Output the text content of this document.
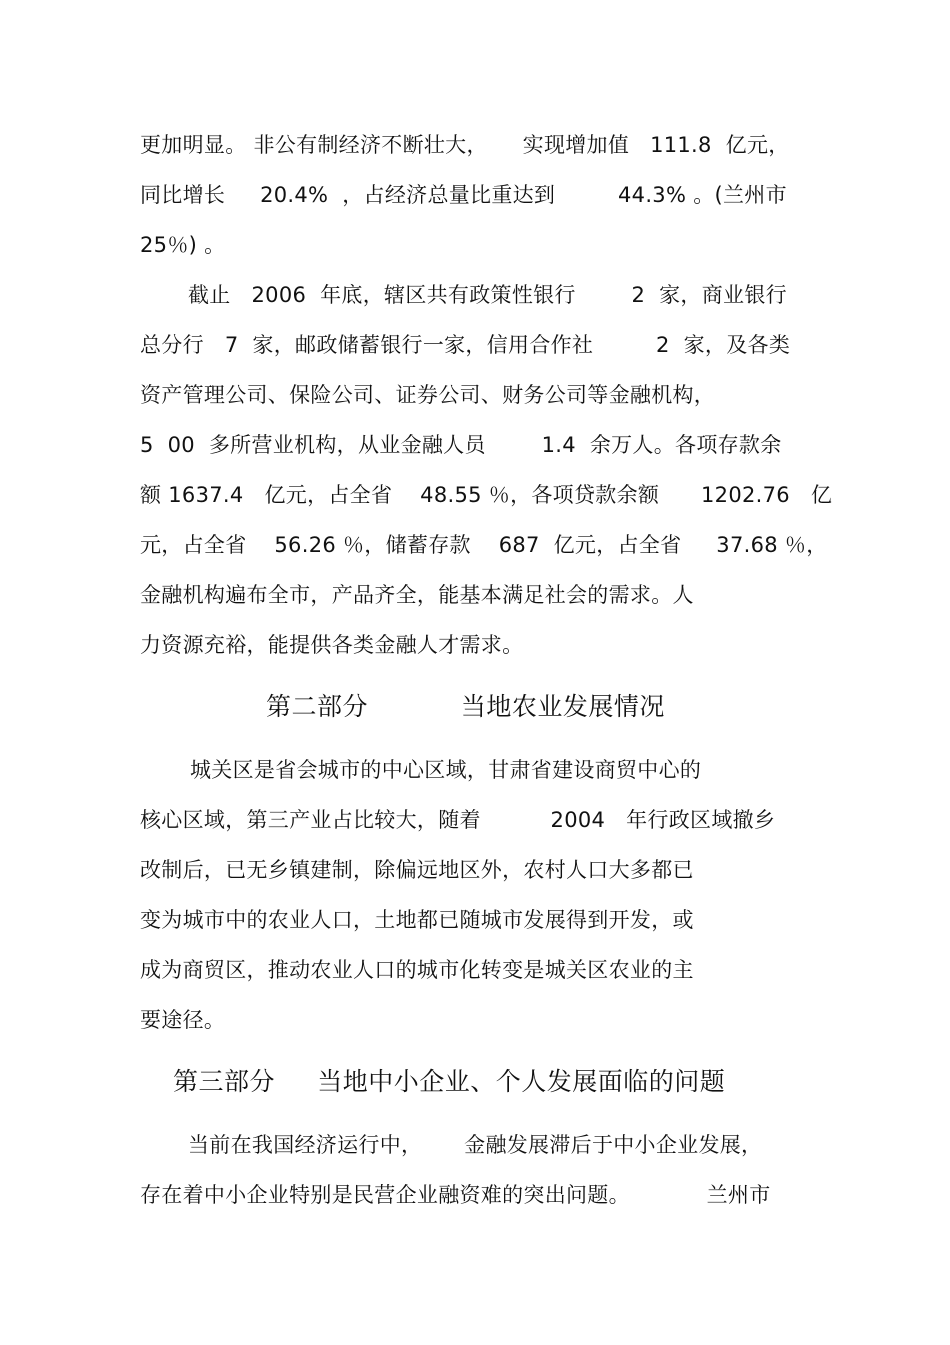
更加明显。 非公有制经济不断壮大，     实现增加值   111.8  亿元，
同比增长     20.4%  ，占经济总量比重达到         44.3% 。(兰州市
25％) 。
截止   2006  年底，辖区共有政策性银行        2  家，商业银行
总分行   7  家，邮政储蓄银行一家，信用合作社         2  家，及各类
资产管理公司、保险公司、证券公司、财务公司等金融机构，
5  00  多所营业机构，从业金融人员        1.4  余万人。各项存款余
额 1637.4   亿元，占全省    48.55 ％，各项贷款余额      1202.76   亿
元，占全省    56.26 ％，储蓄存款    687  亿元，占全省     37.68 ％，
金融机构遍布全市，产品齐全，能基本满足社会的需求。人
力资源充裕，能提供各类金融人才需求。
第二部分           当地农业发展情况
城关区是省会城市的中心区域，甘肃省建设商贸中心的
核心区域，第三产业占比较大，随着          2004   年行政区域撤乡
改制后，已无乡镇建制，除偏远地区外，农村人口大多都已
变为城市中的农业人口，土地都已随城市发展得到开发，或
成为商贸区，推动农业人口的城市化转变是城关区农业的主
要途径。
第三部分     当地中小企业、个人发展面临的问题
当前在我国经济运行中，      金融发展滞后于中小企业发展，
存在着中小企业特别是民营企业融资难的突出问题。           兰州市
